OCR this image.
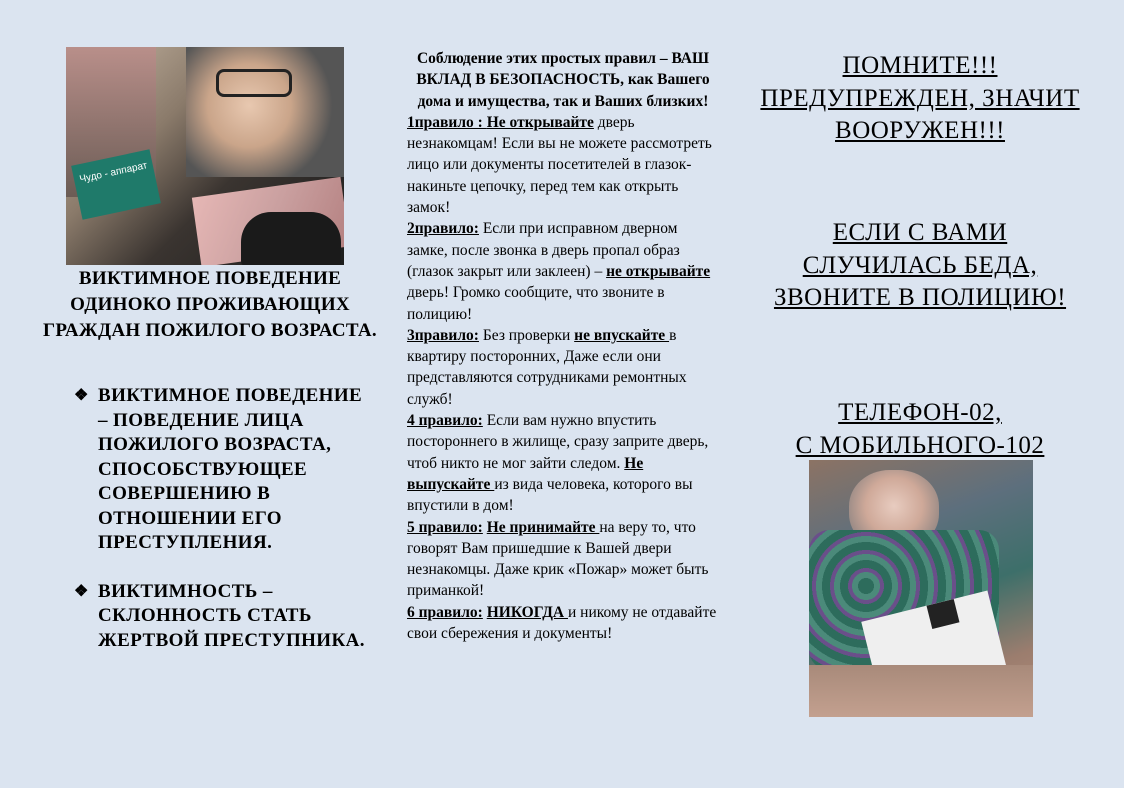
Чудо - аппарат

ВИКТИМНОЕ ПОВЕДЕНИЕ ОДИНОКО ПРОЖИВАЮЩИХ ГРАЖДАН ПОЖИЛОГО ВОЗРАСТА.

❖ ВИКТИМНОЕ ПОВЕДЕНИЕ – ПОВЕДЕНИЕ ЛИЦА ПОЖИЛОГО ВОЗРАСТА, СПОСОБСТВУЮЩЕЕ СОВЕРШЕНИЮ В ОТНОШЕНИИ ЕГО ПРЕСТУПЛЕНИЯ.
❖ ВИКТИМНОСТЬ – СКЛОННОСТЬ СТАТЬ ЖЕРТВОЙ ПРЕСТУПНИКА.

Соблюдение этих простых правил – ВАШ ВКЛАД В БЕЗОПАСНОСТЬ, как Вашего дома и имущества, так и Ваших близких!

1правило : Не открывайте дверь незнакомцам! Если вы не можете рассмотреть лицо или документы посетителей в глазок- накиньте цепочку, перед тем как открыть замок!

2правило: Если при исправном дверном замке, после звонка в дверь пропал образ (глазок закрыт или заклеен) – не открывайте дверь! Громко сообщите, что звоните в полицию!

3правило: Без проверки не впускайте в квартиру посторонних, Даже если они представляются сотрудниками ремонтных служб!

4 правило: Если вам нужно впустить постороннего в жилище, сразу заприте дверь, чтоб никто не мог зайти следом. Не выпускайте из вида человека, которого вы впустили в дом!

5 правило: Не принимайте на веру то, что говорят Вам пришедшие к Вашей двери незнакомцы. Даже крик «Пожар» может быть приманкой!

6 правило: НИКОГДА и никому не отдавайте свои сбережения и документы!

ПОМНИТЕ!!! ПРЕДУПРЕЖДЕН, ЗНАЧИТ ВООРУЖЕН!!!

ЕСЛИ С ВАМИ СЛУЧИЛАСЬ БЕДА, ЗВОНИТЕ В ПОЛИЦИЮ!

ТЕЛЕФОН-02,
С МОБИЛЬНОГО-102
